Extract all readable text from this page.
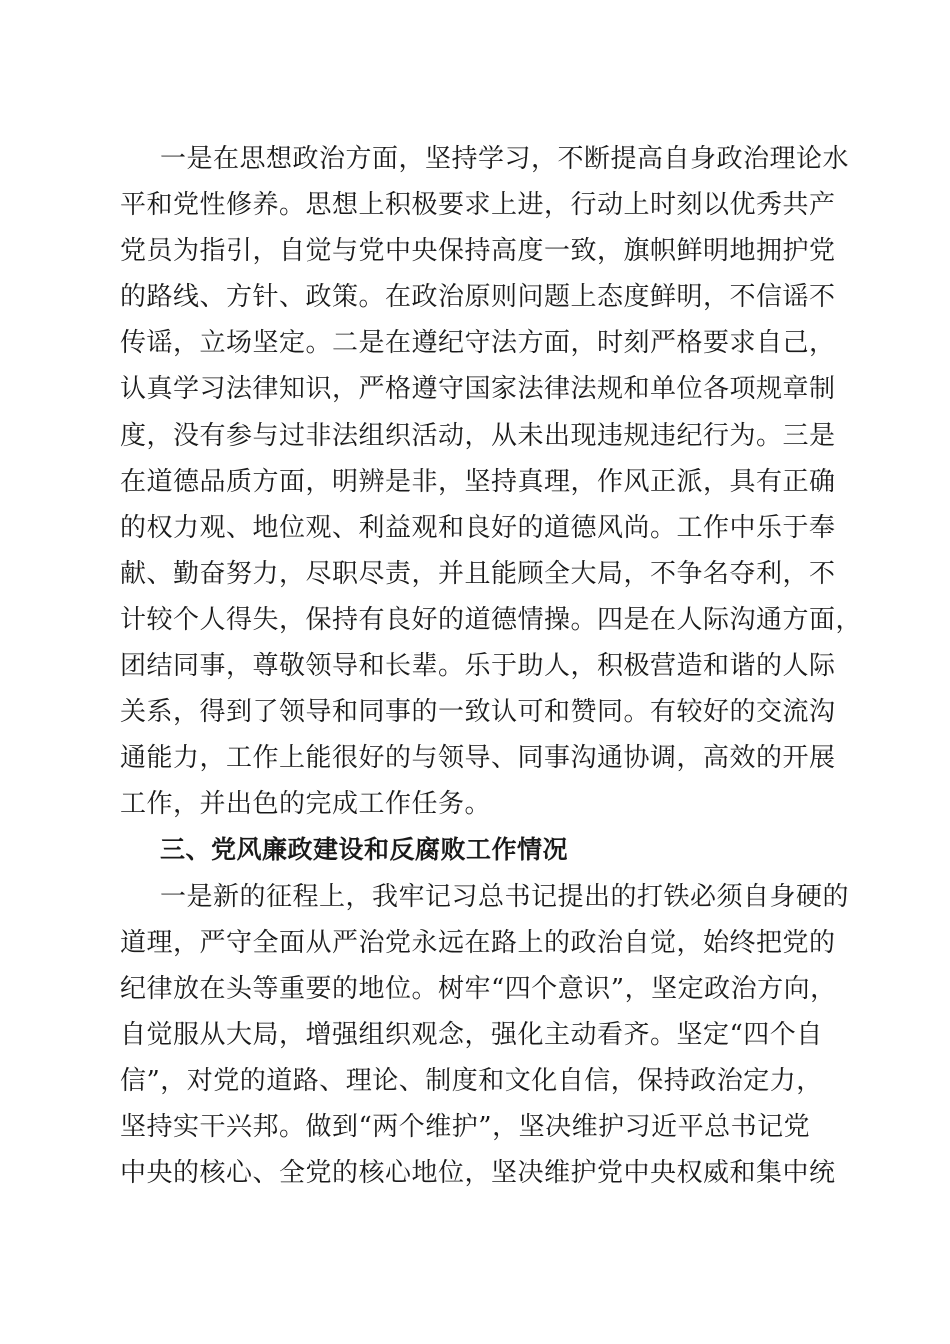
一是在思想政治方面，坚持学习，不断提高自身政治理论水
平和党性修养。思想上积极要求上进，行动上时刻以优秀共产
党员为指引，自觉与党中央保持高度一致，旗帜鲜明地拥护党
的路线、方针、政策。在政治原则问题上态度鲜明，不信谣不
传谣，立场坚定。二是在遵纪守法方面，时刻严格要求自己，
认真学习法律知识，严格遵守国家法律法规和单位各项规章制
度，没有参与过非法组织活动，从未出现违规违纪行为。三是
在道德品质方面，明辨是非，坚持真理，作风正派，具有正确
的权力观、地位观、利益观和良好的道德风尚。工作中乐于奉
献、勤奋努力，尽职尽责，并且能顾全大局，不争名夺利，不
计较个人得失，保持有良好的道德情操。四是在人际沟通方面，
团结同事，尊敬领导和长辈。乐于助人，积极营造和谐的人际
关系，得到了领导和同事的一致认可和赞同。有较好的交流沟
通能力，工作上能很好的与领导、同事沟通协调，高效的开展
工作，并出色的完成工作任务。
三、党风廉政建设和反腐败工作情况
一是新的征程上，我牢记习总书记提出的打铁必须自身硬的
道理，严守全面从严治党永远在路上的政治自觉，始终把党的
纪律放在头等重要的地位。树牢“四个意识”，坚定政治方向，
自觉服从大局，增强组织观念，强化主动看齐。坚定“四个自
信”，对党的道路、理论、制度和文化自信，保持政治定力，
坚持实干兴邦。做到“两个维护”，坚决维护习近平总书记党
中央的核心、全党的核心地位，坚决维护党中央权威和集中统
